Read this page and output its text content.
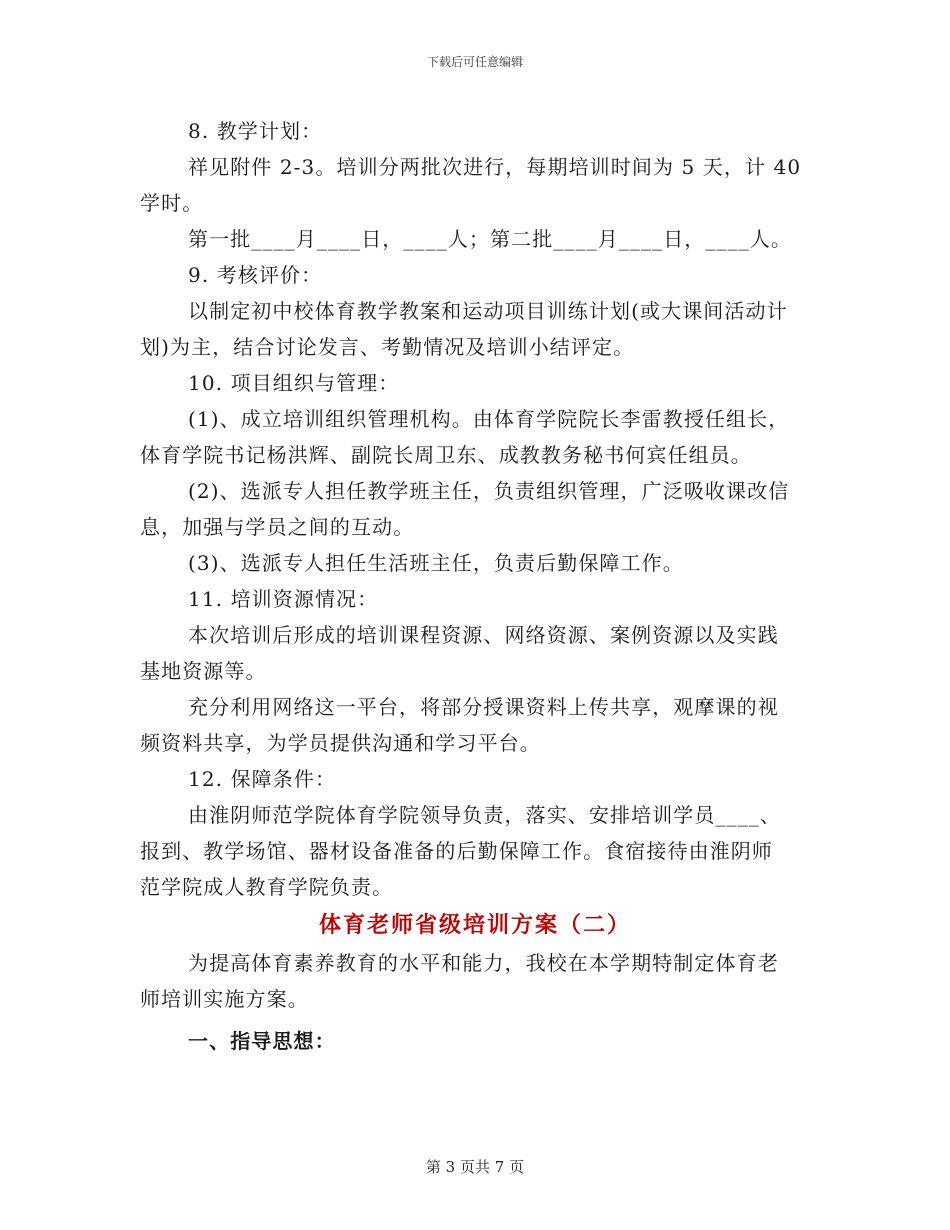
下载后可任意编辑
8. 教学计划：
祥见附件 2-3。培训分两批次进行，每期培训时间为 5 天，计 40
学时。
第一批____月____日，____人；第二批____月____日，____人。
9. 考核评价：
以制定初中校体育教学教案和运动项目训练计划(或大课间活动计
划)为主，结合讨论发言、考勤情况及培训小结评定。
10. 项目组织与管理：
(1)、成立培训组织管理机构。由体育学院院长李雷教授任组长，
体育学院书记杨洪辉、副院长周卫东、成教教务秘书何宾任组员。
(2)、选派专人担任教学班主任，负责组织管理，广泛吸收课改信
息，加强与学员之间的互动。
(3)、选派专人担任生活班主任，负责后勤保障工作。
11. 培训资源情况：
本次培训后形成的培训课程资源、网络资源、案例资源以及实践
基地资源等。
充分利用网络这一平台，将部分授课资料上传共享，观摩课的视
频资料共享，为学员提供沟通和学习平台。
12. 保障条件：
由淮阴师范学院体育学院领导负责，落实、安排培训学员____、
报到、教学场馆、器材设备准备的后勤保障工作。食宿接待由淮阴师
范学院成人教育学院负责。
体育老师省级培训方案（二）
为提高体育素养教育的水平和能力，我校在本学期特制定体育老
师培训实施方案。
一、指导思想：
第 3 页共 7 页
